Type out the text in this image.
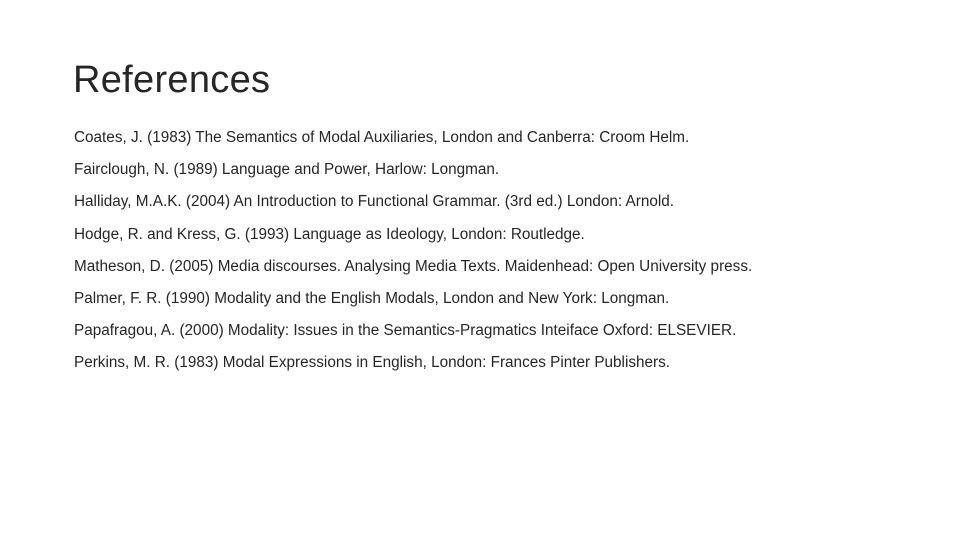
References
Coates, J. (1983) The Semantics of Modal Auxiliaries, London and Canberra: Croom Helm.
Fairclough, N. (1989) Language and Power, Harlow: Longman.
Halliday, M.A.K. (2004) An Introduction to Functional Grammar. (3rd ed.) London: Arnold.
Hodge, R. and Kress, G. (1993) Language as Ideology, London: Routledge.
Matheson, D. (2005) Media discourses. Analysing Media Texts. Maidenhead: Open University press.
Palmer, F. R. (1990) Modality and the English Modals, London and New York: Longman.
Papafragou, A. (2000) Modality: Issues in the Semantics-Pragmatics Inteiface Oxford: ELSEVIER.
Perkins, M. R. (1983) Modal Expressions in English, London: Frances Pinter Publishers.
